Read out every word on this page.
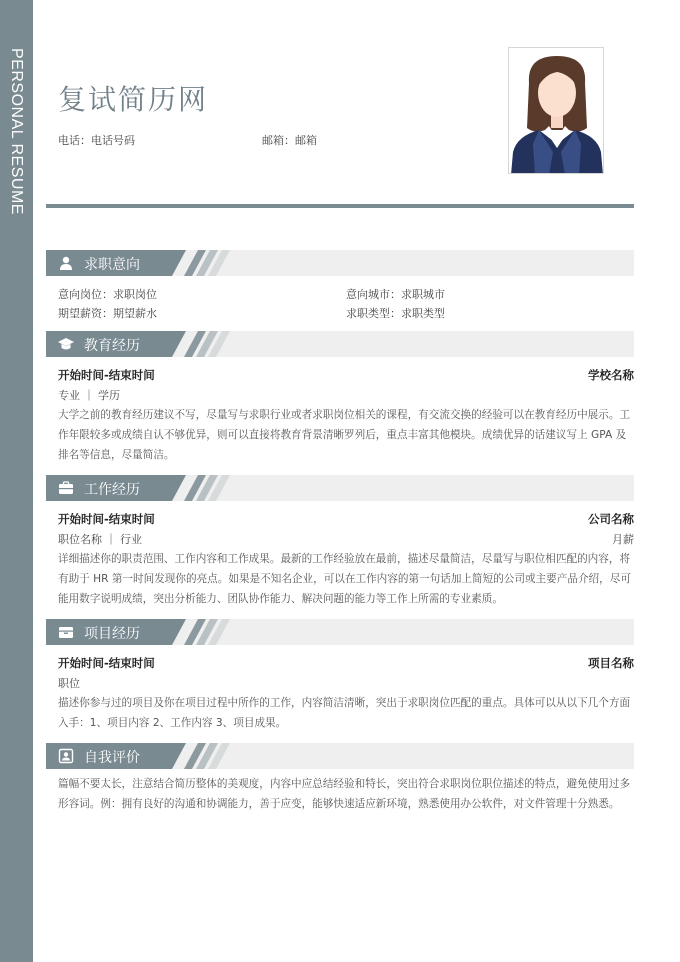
PERSONAL RESUME 复试简历网
电话：电话号码	邮箱：邮箱
求职意向
意向岗位：求职岗位	意向城市：求职城市
期望薪资：期望薪水	求职类型：求职类型
教育经历
开始时间-结束时间	学校名称
专业 ｜ 学历
大学之前的教育经历建议不写，尽量写与求职行业或者求职岗位相关的课程，有交流交换的经验可以在教育经历中展示。工作年限较多或成绩自认不够优异，则可以直接将教育背景清晰罗列后，重点丰富其他模块。成绩优异的话建议写上 GPA 及排名等信息，尽量简洁。
工作经历
开始时间-结束时间	公司名称
职位名称 ｜ 行业	月薪
详细描述你的职责范围、工作内容和工作成果。最新的工作经验放在最前，描述尽量简洁，尽量写与职位相匹配的内容，将有助于 HR 第一时间发现你的亮点。如果是不知名企业，可以在工作内容的第一句话加上简短的公司或主要产品介绍，尽可能用数字说明成绩，突出分析能力、团队协作能力、解决问题的能力等工作上所需的专业素质。
项目经历
开始时间-结束时间	项目名称
职位
描述你参与过的项目及你在项目过程中所作的工作，内容简洁清晰，突出于求职岗位匹配的重点。具体可以从以下几个方面入手：1、项目内容 2、工作内容 3、项目成果。
自我评价
篇幅不要太长，注意结合简历整体的美观度，内容中应总结经验和特长，突出符合求职岗位职位描述的特点，避免使用过多形容词。例：拥有良好的沟通和协调能力，善于应变，能够快速适应新环境，熟悉使用办公软件，对文件管理十分熟悉。
